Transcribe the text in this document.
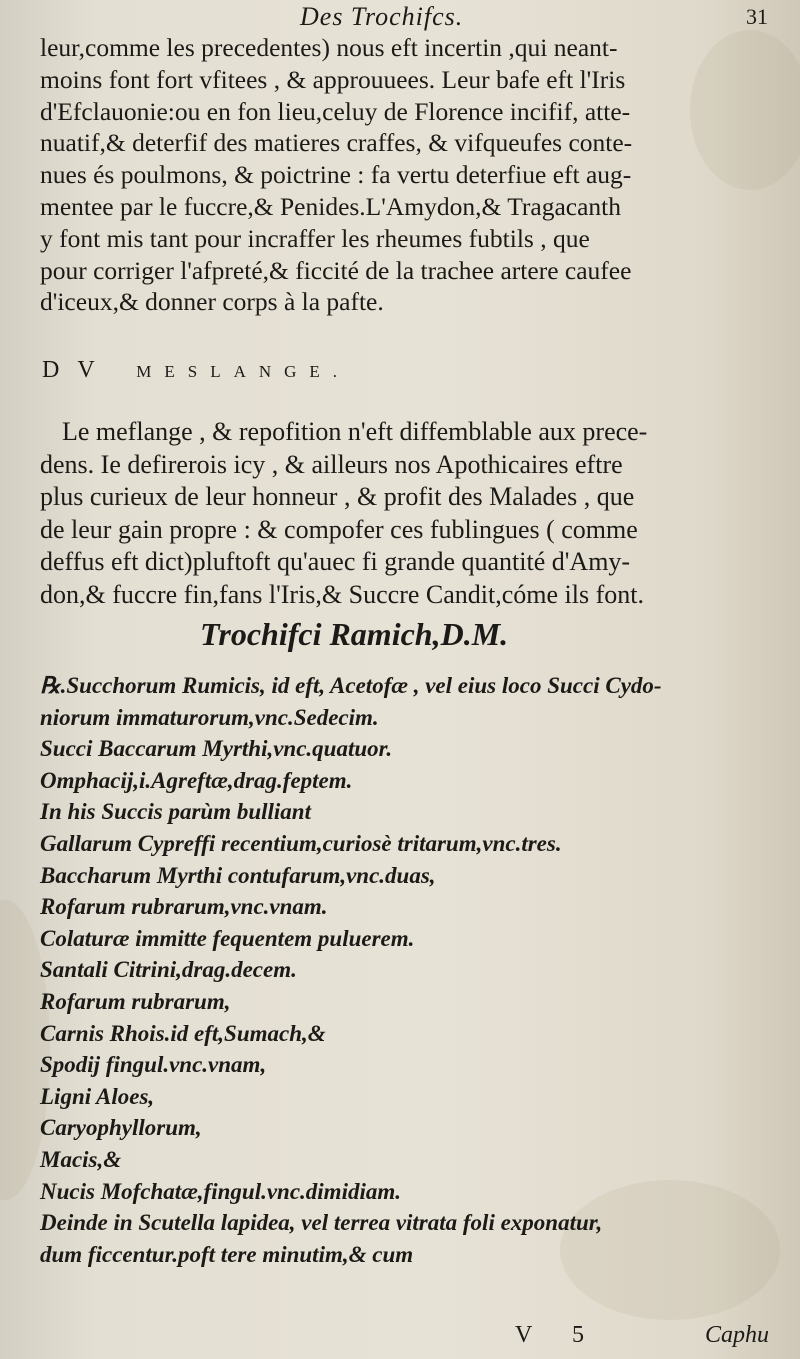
Des Trochifcs.	31
leur,comme les precedentes) nous eft incertin ,qui neant-
moins font fort vfitees , & approuuees. Leur bafe eft l'Iris
d'Efclauonie:ou en fon lieu,celuy de Florence incifif, atte-
nuatif,& deterfif des matieres craffes, & vifqueufes conte-
nues és poulmons, & poictrine : fa vertu deterfiue eft aug-
mentee par le fuccre,& Penides.L'Amydon,& Tragacanth
y font mis tant pour incraffer les rheumes fubtils , que
pour corriger l'afpreté,& ficcité de la trachee artere caufee
d'iceux,& donner corps à la pafte.
DV MESLANGE.
Le meflange , & repofition n'eft diffemblable aux prece-
dens. Ie defirerois icy , & ailleurs nos Apothicaires eftre
plus curieux de leur honneur , & profit des Malades , que
de leur gain propre : & compofer ces fublingues ( comme
deffus eft dict)pluftoft qu'auec fi grande quantité d'Amy-
don,& fuccre fin,fans l'Iris,& Succre Candit,cóme ils font.
Trochifci Ramich,D.M.
℞.Succhorum Rumicis, id eft, Acetofæ , vel eius loco Succi Cydo-
niorum immaturorum,vnc.Sedecim.
Succi Baccarum Myrthi,vnc.quatuor.
Omphacij,i.Agreftæ,drag.feptem.
In his Succis parùm bulliant
Gallarum Cypreffi recentium,curiosè tritarum,vnc.tres.
Baccharum Myrthi contufarum,vnc.duas,
Rofarum rubrarum,vnc.vnam.
Colaturæ immitte fequentem puluerem.
Santali Citrini,drag.decem.
Rofarum rubrarum,
Carnis Rhois.id eft,Sumach,&
Spodij fingul.vnc.vnam,
Ligni Aloes,
Caryophyllorum,
Macis,&
Nucis Mofchatæ,fingul.vnc.dimidiam.
Deinde in Scutella lapidea, vel terrea vitrata foli exponatur,
dum ficcentur.poft tere minutim,& cum
V 5	Caphu
